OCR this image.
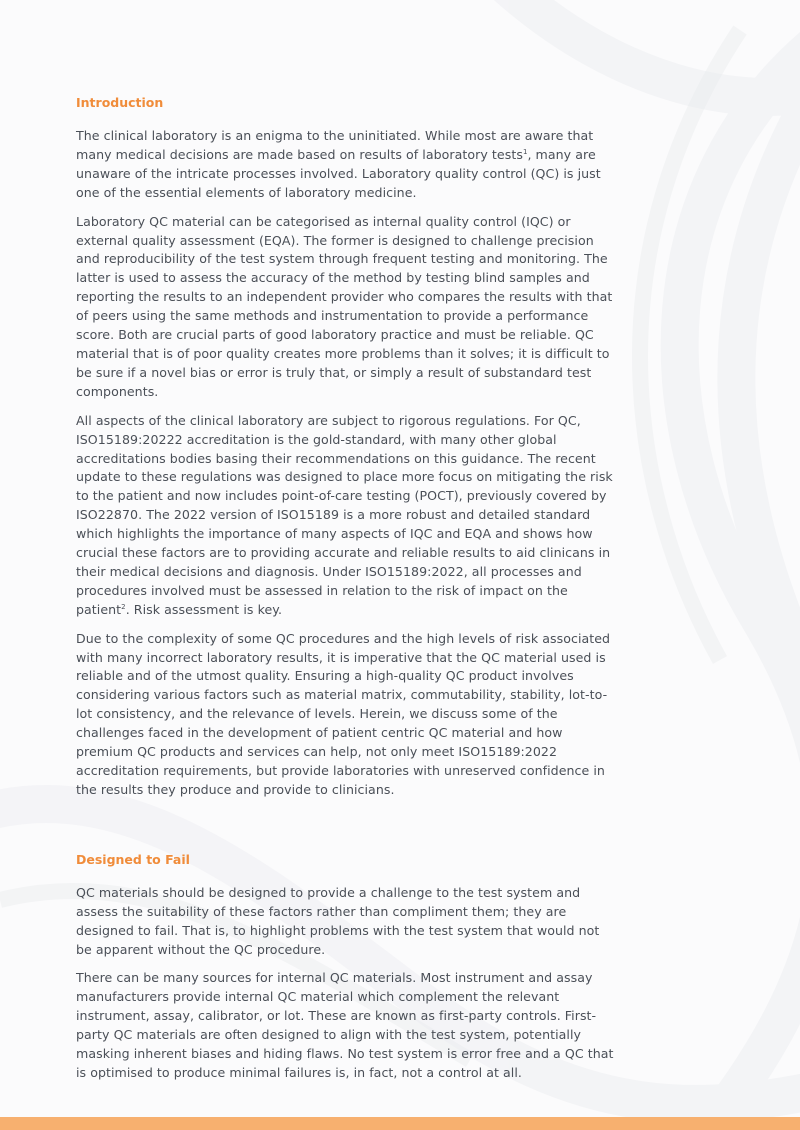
Introduction

The clinical laboratory is an enigma to the uninitiated. While most are aware that many medical decisions are made based on results of laboratory tests$^1$, many are unaware of the intricate processes involved. Laboratory quality control (QC) is just one of the essential elements of laboratory medicine.

Laboratory QC material can be categorised as internal quality control (IQC) or external quality assessment (EQA). The former is designed to challenge precision and reproducibility of the test system through frequent testing and monitoring. The latter is used to assess the accuracy of the method by testing blind samples and reporting the results to an independent provider who compares the results with that of peers using the same methods and instrumentation to provide a performance score. Both are crucial parts of good laboratory practice and must be reliable. QC material that is of poor quality creates more problems than it solves; it is difficult to be sure if a novel bias or error is truly that, or simply a result of substandard test components.

All aspects of the clinical laboratory are subject to rigorous regulations. For QC, ISO15189:20222 accreditation is the gold-standard, with many other global accreditations bodies basing their recommendations on this guidance. The recent update to these regulations was designed to place more focus on mitigating the risk to the patient and now includes point-of-care testing (POCT), previously covered by ISO22870. The 2022 version of ISO15189 is a more robust and detailed standard which highlights the importance of many aspects of IQC and EQA and shows how crucial these factors are to providing accurate and reliable results to aid clinicans in their medical decisions and diagnosis. Under ISO15189:2022, all processes and procedures involved must be assessed in relation to the risk of impact on the patient$^2$. Risk assessment is key.

Due to the complexity of some QC procedures and the high levels of risk associated with many incorrect laboratory results, it is imperative that the QC material used is reliable and of the utmost quality. Ensuring a high-quality QC product involves considering various factors such as material matrix, commutability, stability, lot-to-lot consistency, and the relevance of levels. Herein, we discuss some of the challenges faced in the development of patient centric QC material and how premium QC products and services can help, not only meet ISO15189:2022 accreditation requirements, but provide laboratories with unreserved confidence in the results they produce and provide to clinicians.

Designed to Fail

QC materials should be designed to provide a challenge to the test system and assess the suitability of these factors rather than compliment them; they are designed to fail. That is, to highlight problems with the test system that would not be apparent without the QC procedure.

There can be many sources for internal QC materials. Most instrument and assay manufacturers provide internal QC material which complement the relevant instrument, assay, calibrator, or lot. These are known as first-party controls. First-party QC materials are often designed to align with the test system, potentially masking inherent biases and hiding flaws. No test system is error free and a QC that is optimised to produce minimal failures is, in fact, not a control at all.
